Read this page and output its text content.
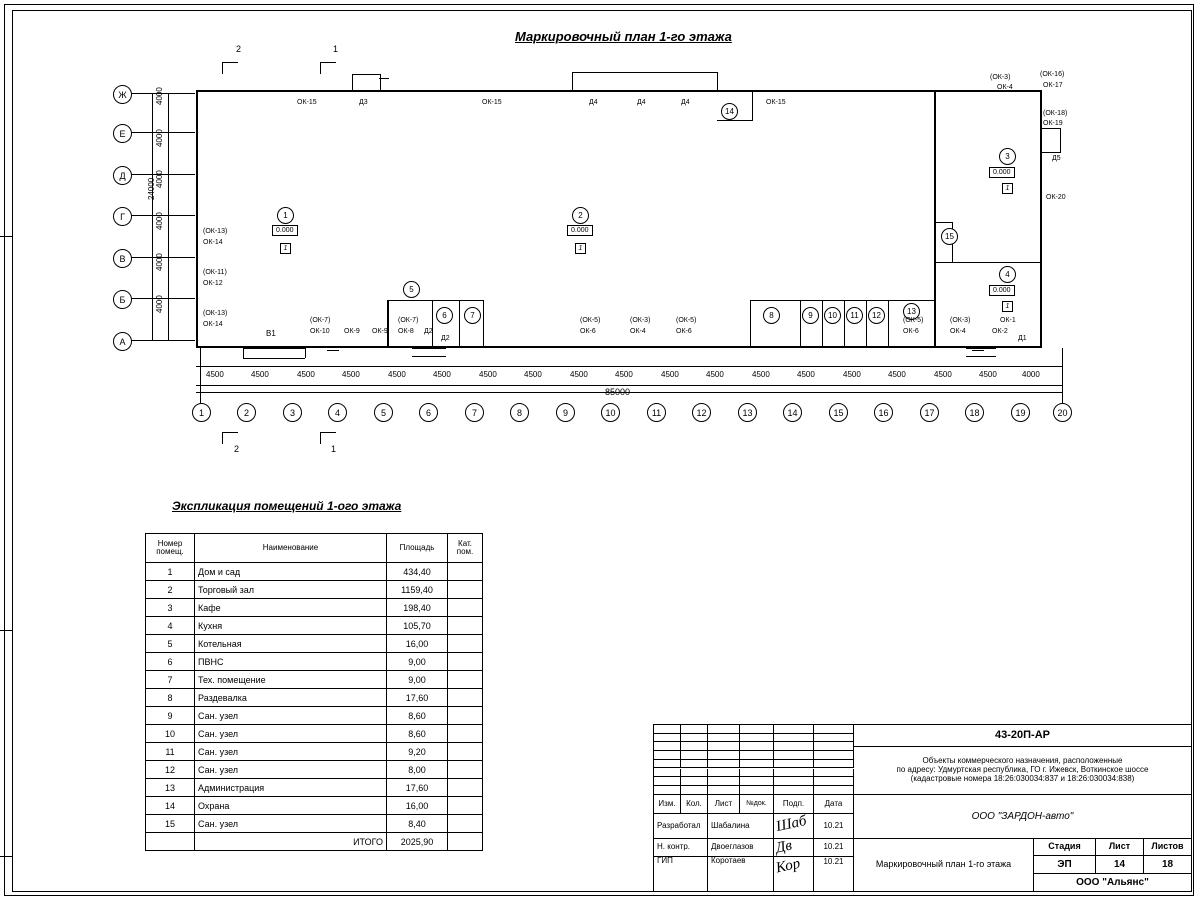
Маркировочный план 1-го этажа
Экспликация помещений 1-ого этажа
Ж
Е
Д
Г
В
Б
А
4000
4000
4000
4000
4000
4000
24000
1	2	3	4	5	6	7	8	9	10	11	12	13	14	15	16	17	18	19	20
4500	4500	4500	4500	4500	4500	4500	4500	4500	4500	4500	4500	4500	4500	4500	4500	4500	4500	4000
85000
2	1
2	1
1
0.000
1
2
0.000
1
3
0.000
1
4
0.000
1
5
6	7	8	9 10 11 12	13
14
15
ОК-15	ОК-15	ОК-15
(ОК-3)
ОК-4
(ОК-16)
ОК-17
(ОК-18)
ОК-19
ОК-20
(ОК-13)
ОК-14
(ОК-11)
ОК-12
(ОК-13)
ОК-14
(ОК-7)
ОК-10 ОК-9 ОК-9
(ОК-7)
ОК-8
(ОК-5)
ОК-6
(ОК-3)
ОК-4
(ОК-5)
ОК-6
(ОК-5)
ОК-6
(ОК-3)
ОК-4
ОК-1
ОК-2
Д3	Д4	Д4	Д4
Д5
Д2
Д2	Д1
В1
Номер помещ.	Наименование	Площадь	Кат. пом.
1	Дом и сад	434,40	
2	Торговый зал	1159,40	
3	Кафе	198,40	
4	Кухня	105,70	
5	Котельная	16,00	
6	ПВНС	9,00	
7	Тех. помещение	9,00	
8	Раздевалка	17,60	
9	Сан. узел	8,60	
10	Сан. узел	8,60	
11	Сан. узел	9,20	
12	Сан. узел	8,00	
13	Администрация	17,60	
14	Охрана	16,00	
15	Сан. узел	8,40	
	ИТОГО	2025,90	
43-20П-АР
Объекты коммерческого назначения, расположенные
по адресу: Удмуртская республика, ГО г. Ижевск, Воткинское шоссе
(кадастровые номера 18:26:030034:837 и 18:26:030034:838)
Изм.	Кол.	Лист	№док.	Подп.	Дата
Разработал	Шабалина	10.21
Н. контр.	Двоеглазов	10.21
ГИП	Коротаев	10.21
Шаб
Дв
Кор
ООО "ЗАРДОН-авто"
Стадия	Лист	Листов
ЭП	14	18
Маркировочный план 1-го этажа
ООО "Альянс"
